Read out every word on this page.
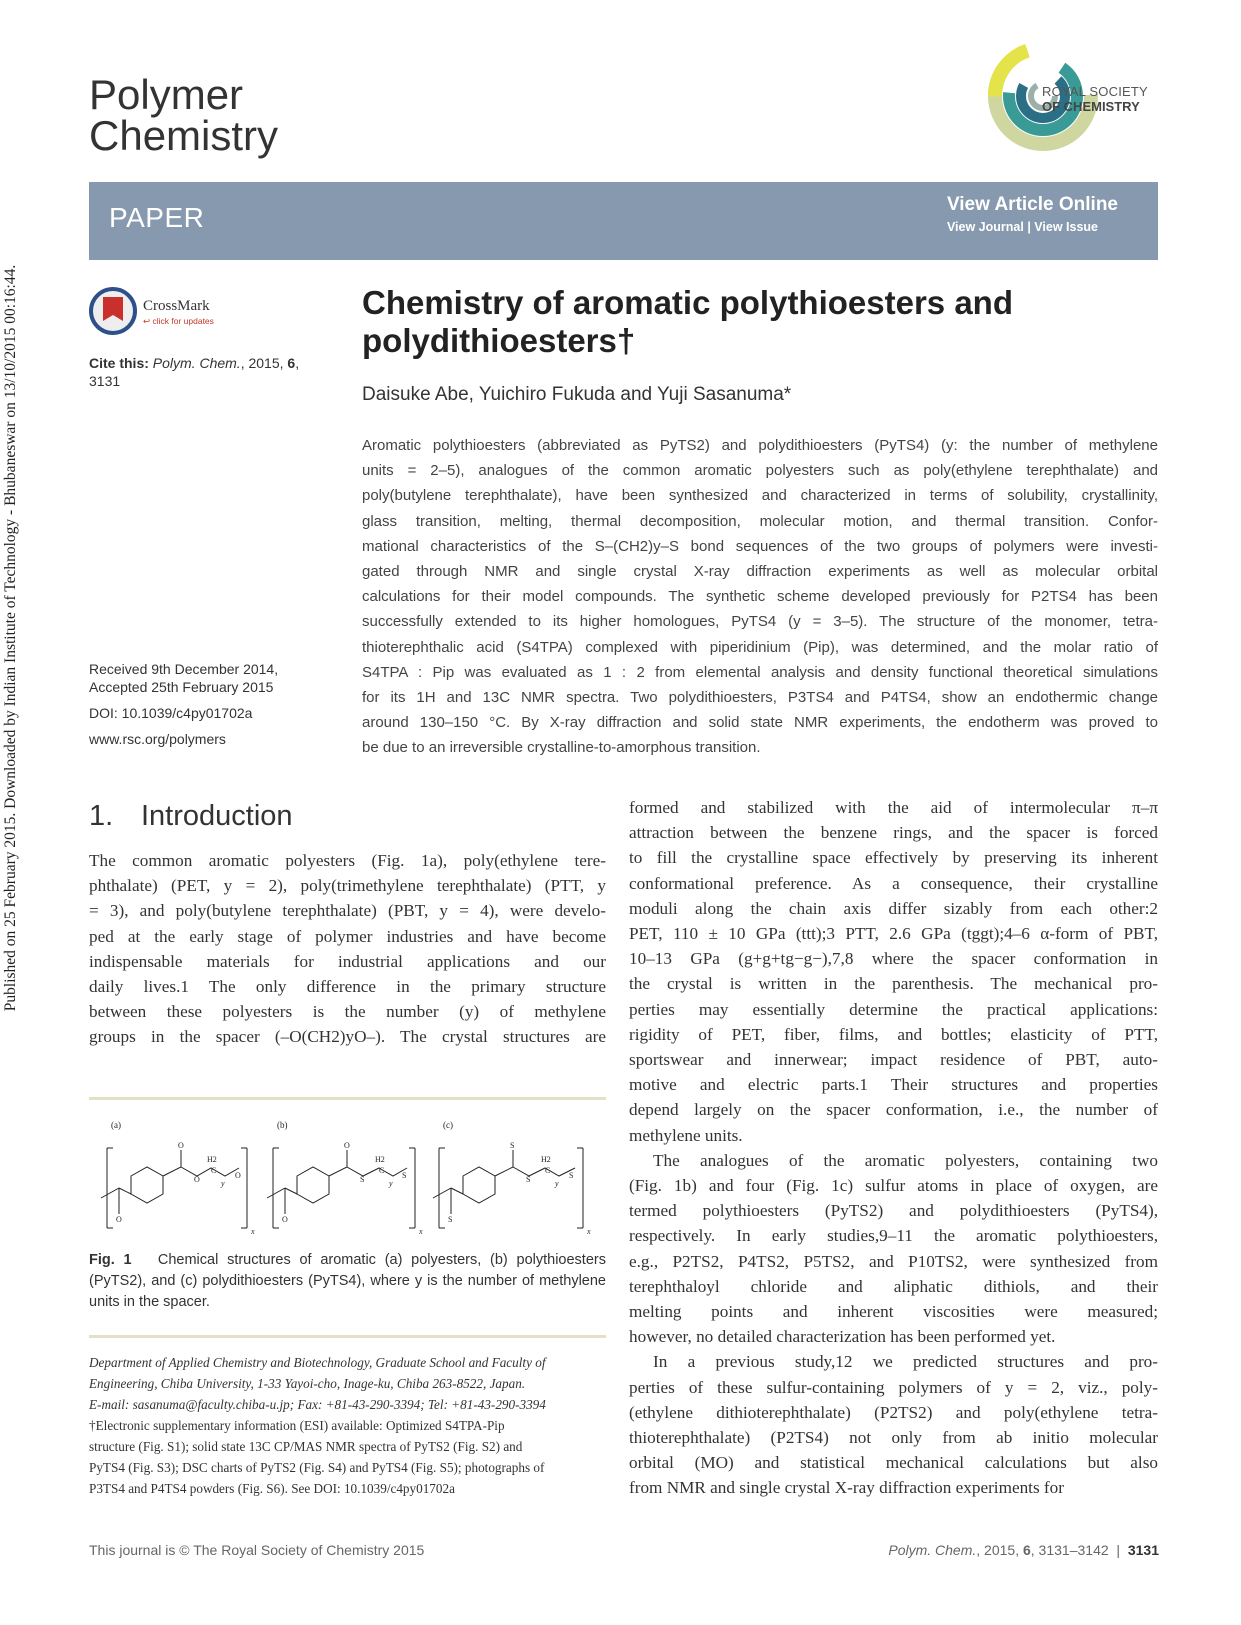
Published on 25 February 2015. Downloaded by Indian Institute of Technology - Bhubaneswar on 13/10/2015 00:16:44.
Polymer
Chemistry
ROYAL SOCIETY
OF CHEMISTRY
PAPER	View Article Online
View Journal | View Issue
CrossMark
↩ click for updates
Cite this: Polym. Chem., 2015, 6, 3131
Received 9th December 2014,
Accepted 25th February 2015
DOI: 10.1039/c4py01702a
www.rsc.org/polymers
Chemistry of aromatic polythioesters and
polydithioesters†
Daisuke Abe, Yuichiro Fukuda and Yuji Sasanuma*
Aromatic polythioesters (abbreviated as PyTS2) and polydithioesters (PyTS4) (y: the number of methylene
units = 2–5), analogues of the common aromatic polyesters such as poly(ethylene terephthalate) and
poly(butylene terephthalate), have been synthesized and characterized in terms of solubility, crystallinity,
glass transition, melting, thermal decomposition, molecular motion, and thermal transition. Confor-
mational characteristics of the S–(CH2)y–S bond sequences of the two groups of polymers were investi-
gated through NMR and single crystal X-ray diffraction experiments as well as molecular orbital
calculations for their model compounds. The synthetic scheme developed previously for P2TS4 has been
successfully extended to its higher homologues, PyTS4 (y = 3–5). The structure of the monomer, tetra-
thioterephthalic acid (S4TPA) complexed with piperidinium (Pip), was determined, and the molar ratio of
S4TPA : Pip was evaluated as 1 : 2 from elemental analysis and density functional theoretical simulations
for its 1H and 13C NMR spectra. Two polydithioesters, P3TS4 and P4TS4, show an endothermic change
around 130–150 °C. By X-ray diffraction and solid state NMR experiments, the endotherm was proved to
be due to an irreversible crystalline-to-amorphous transition.
1. Introduction
The common aromatic polyesters (Fig. 1a), poly(ethylene tere-
phthalate) (PET, y = 2), poly(trimethylene terephthalate) (PTT, y
= 3), and poly(butylene terephthalate) (PBT, y = 4), were develo-
ped at the early stage of polymer industries and have become
indispensable materials for industrial applications and our
daily lives.1 The only difference in the primary structure
between these polyesters is the number (y) of methylene
groups in the spacer (–O(CH2)yO–). The crystal structures are
(a)	(b)	(c)
O
O
O	O
H2
C
y
x
O
O
S	S
H2
C
y
x
S
S
S	S
H2
C
y
x
Fig. 1 Chemical structures of aromatic (a) polyesters, (b) polythioesters (PyTS2), and (c) polydithioesters (PyTS4), where y is the number of methylene units in the spacer.
Department of Applied Chemistry and Biotechnology, Graduate School and Faculty of
Engineering, Chiba University, 1-33 Yayoi-cho, Inage-ku, Chiba 263-8522, Japan.
E-mail: sasanuma@faculty.chiba-u.jp; Fax: +81-43-290-3394; Tel: +81-43-290-3394
†Electronic supplementary information (ESI) available: Optimized S4TPA-Pip
structure (Fig. S1); solid state 13C CP/MAS NMR spectra of PyTS2 (Fig. S2) and
PyTS4 (Fig. S3); DSC charts of PyTS2 (Fig. S4) and PyTS4 (Fig. S5); photographs of
P3TS4 and P4TS4 powders (Fig. S6). See DOI: 10.1039/c4py01702a
formed and stabilized with the aid of intermolecular π–π
attraction between the benzene rings, and the spacer is forced
to fill the crystalline space effectively by preserving its inherent
conformational preference. As a consequence, their crystalline
moduli along the chain axis differ sizably from each other:2
PET, 110 ± 10 GPa (ttt);3 PTT, 2.6 GPa (tggt);4–6 α-form of PBT,
10–13 GPa (g+g+tg−g−),7,8 where the spacer conformation in
the crystal is written in the parenthesis. The mechanical pro-
perties may essentially determine the practical applications:
rigidity of PET, fiber, films, and bottles; elasticity of PTT,
sportswear and innerwear; impact residence of PBT, auto-
motive and electric parts.1 Their structures and properties
depend largely on the spacer conformation, i.e., the number of
methylene units.
The analogues of the aromatic polyesters, containing two
(Fig. 1b) and four (Fig. 1c) sulfur atoms in place of oxygen, are
termed polythioesters (PyTS2) and polydithioesters (PyTS4),
respectively. In early studies,9–11 the aromatic polythioesters,
e.g., P2TS2, P4TS2, P5TS2, and P10TS2, were synthesized from
terephthaloyl chloride and aliphatic dithiols, and their
melting points and inherent viscosities were measured;
however, no detailed characterization has been performed yet.
In a previous study,12 we predicted structures and pro-
perties of these sulfur-containing polymers of y = 2, viz., poly-
(ethylene dithioterephthalate) (P2TS2) and poly(ethylene tetra-
thioterephthalate) (P2TS4) not only from ab initio molecular
orbital (MO) and statistical mechanical calculations but also
from NMR and single crystal X-ray diffraction experiments for
This journal is © The Royal Society of Chemistry 2015	Polym. Chem., 2015, 6, 3131–3142 | 3131
